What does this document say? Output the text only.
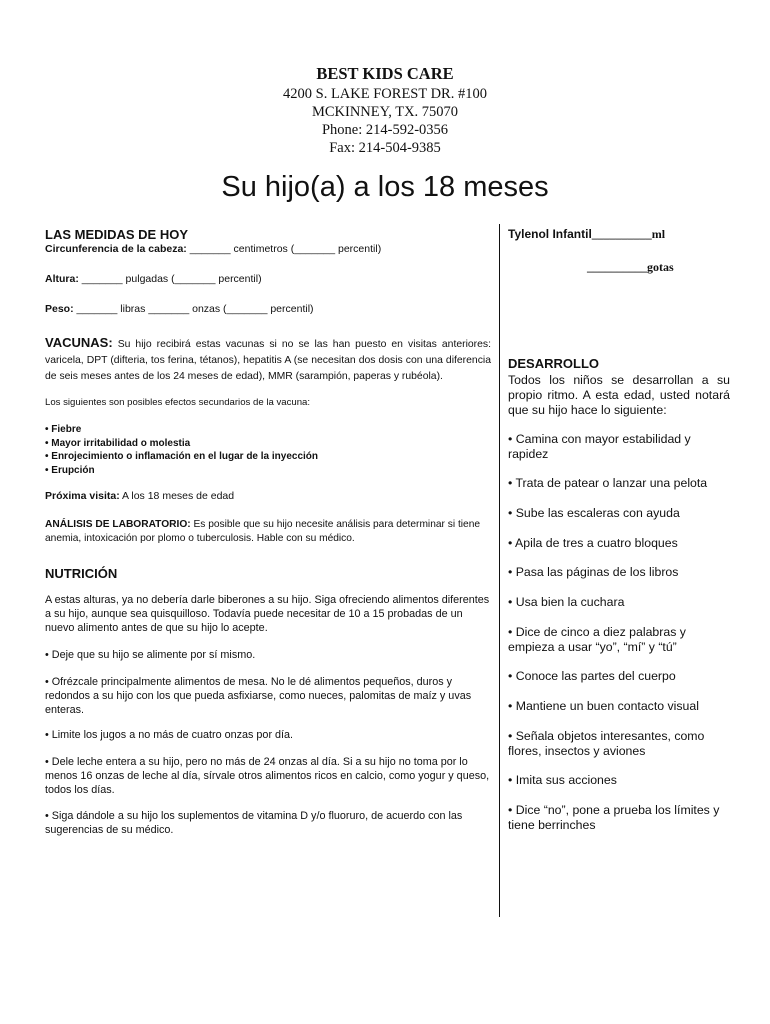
BEST KIDS CARE
4200 S. LAKE FOREST DR. #100
MCKINNEY, TX. 75070
Phone: 214-592-0356
Fax: 214-504-9385
Su hijo(a) a los 18 meses
LAS MEDIDAS DE HOY
Circunferencia de la cabeza: _______ centimetros (_______ percentil)
Altura: _______ pulgadas (_______ percentil)
Peso: _______ libras _______ onzas (_______ percentil)
VACUNAS: Su hijo recibirá estas vacunas si no se las han puesto en visitas anteriores: varicela, DPT (difteria, tos ferina, tétanos), hepatitis A (se necesitan dos dosis con una diferencia de seis meses antes de los 24 meses de edad), MMR (sarampión, paperas y rubéola).
Los siguientes son posibles efectos secundarios de la vacuna:
• Fiebre
• Mayor irritabilidad o molestia
• Enrojecimiento o inflamación en el lugar de la inyección
• Erupción
Próxima visita: A los 18 meses de edad
ANÁLISIS DE LABORATORIO: Es posible que su hijo necesite análisis para determinar si tiene anemia, intoxicación por plomo o tuberculosis. Hable con su médico.
NUTRICIÓN
A estas alturas, ya no debería darle biberones a su hijo. Siga ofreciendo alimentos diferentes a su hijo, aunque sea quisquilloso. Todavía puede necesitar de 10 a 15 probadas de un nuevo alimento antes de que su hijo lo acepte.
• Deje que su hijo se alimente por sí mismo.
• Ofrézcale principalmente alimentos de mesa. No le dé alimentos pequeños, duros y redondos a su hijo con los que pueda asfixiarse, como nueces, palomitas de maíz y uvas enteras.
• Limite los jugos a no más de cuatro onzas por día.
• Dele leche entera a su hijo, pero no más de 24 onzas al día. Si a su hijo no toma por lo menos 16 onzas de leche al día, sírvale otros alimentos ricos en calcio, como yogur y queso, todos los días.
• Siga dándole a su hijo los suplementos de vitamina D y/o fluoruro, de acuerdo con las sugerencias de su médico.
Tylenol Infantil__________ml
__________gotas
DESARROLLO
Todos los niños se desarrollan a su propio ritmo. A esta edad, usted notará que su hijo hace lo siguiente:
• Camina con mayor estabilidad y rapidez
• Trata de patear o lanzar una pelota
• Sube las escaleras con ayuda
• Apila de tres a cuatro bloques
• Pasa las páginas de los libros
• Usa bien la cuchara
• Dice de cinco a diez palabras y empieza a usar “yo”, “mí” y “tú”
• Conoce las partes del cuerpo
• Mantiene un buen contacto visual
• Señala objetos interesantes, como flores, insectos y aviones
• Imita sus acciones
• Dice “no”, pone a prueba los límites y tiene berrinches
